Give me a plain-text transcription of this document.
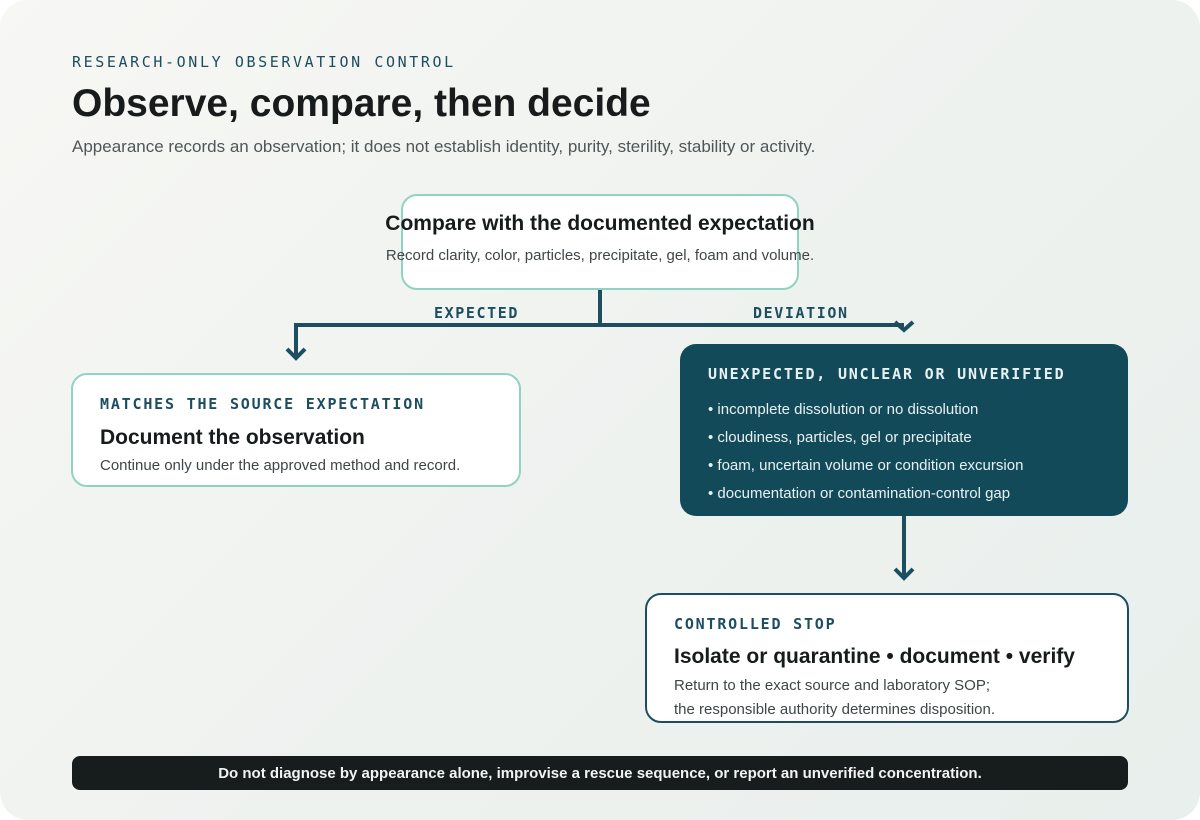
RESEARCH-ONLY OBSERVATION CONTROL
Observe, compare, then decide
Appearance records an observation; it does not establish identity, purity, sterility, stability or activity.
Compare with the documented expectation
Record clarity, color, particles, precipitate, gel, foam and volume.
EXPECTED	DEVIATION
MATCHES THE SOURCE EXPECTATION
Document the observation
Continue only under the approved method and record.
UNEXPECTED, UNCLEAR OR UNVERIFIED
• incomplete dissolution or no dissolution
• cloudiness, particles, gel or precipitate
• foam, uncertain volume or condition excursion
• documentation or contamination-control gap
CONTROLLED STOP
Isolate or quarantine • document • verify
Return to the exact source and laboratory SOP;
the responsible authority determines disposition.
Do not diagnose by appearance alone, improvise a rescue sequence, or report an unverified concentration.
